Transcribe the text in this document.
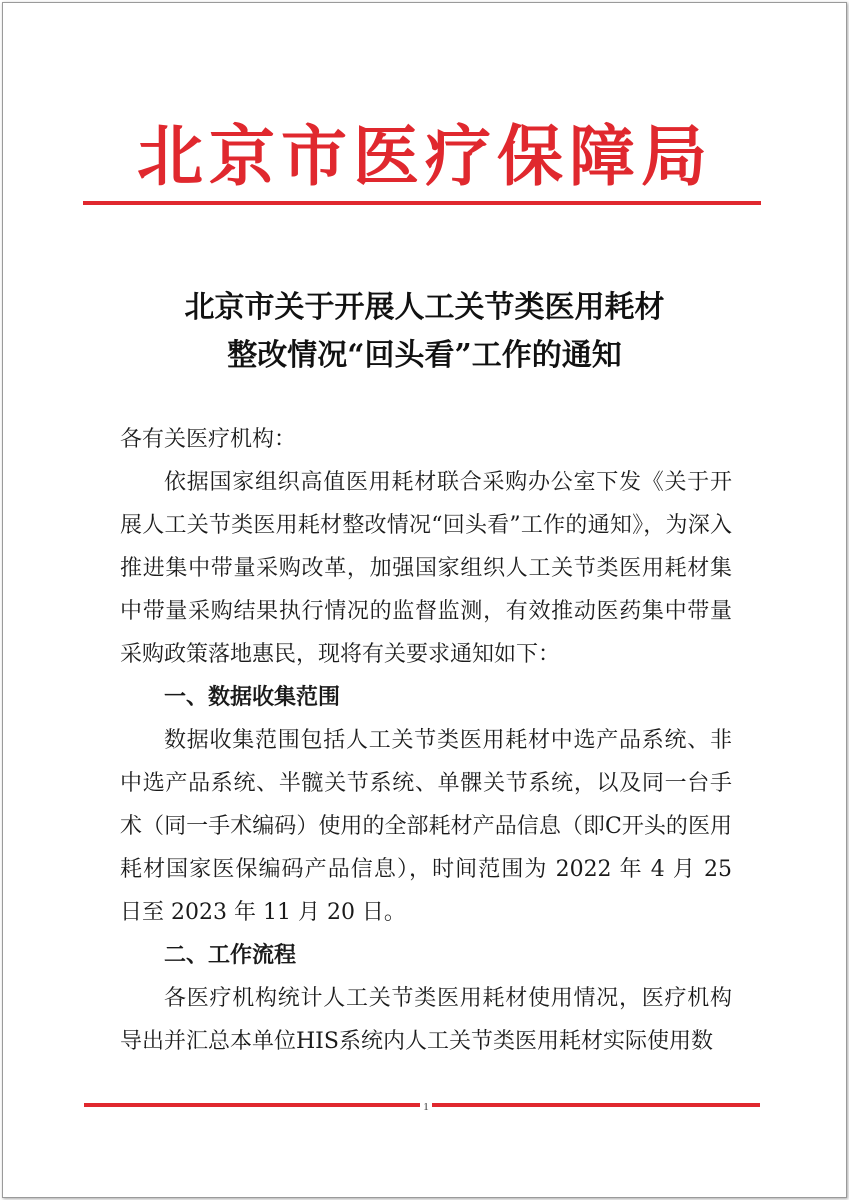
北京市医疗保障局
北京市关于开展人工关节类医用耗材
整改情况“回头看”工作的通知

各有关医疗机构：

依据国家组织高值医用耗材联合采购办公室下发《关于开展人工关节类医用耗材整改情况“回头看”工作的通知》，为深入推进集中带量采购改革，加强国家组织人工关节类医用耗材集中带量采购结果执行情况的监督监测，有效推动医药集中带量采购政策落地惠民，现将有关要求通知如下：

一、数据收集范围

数据收集范围包括人工关节类医用耗材中选产品系统、非中选产品系统、半髋关节系统、单髁关节系统，以及同一台手术（同一手术编码）使用的全部耗材产品信息（即C开头的医用耗材国家医保编码产品信息），时间范围为 2022 年 4 月 25 日至 2023 年 11 月 20 日。

二、工作流程

各医疗机构统计人工关节类医用耗材使用情况，医疗机构导出并汇总本单位HIS系统内人工关节类医用耗材实际使用数

1
